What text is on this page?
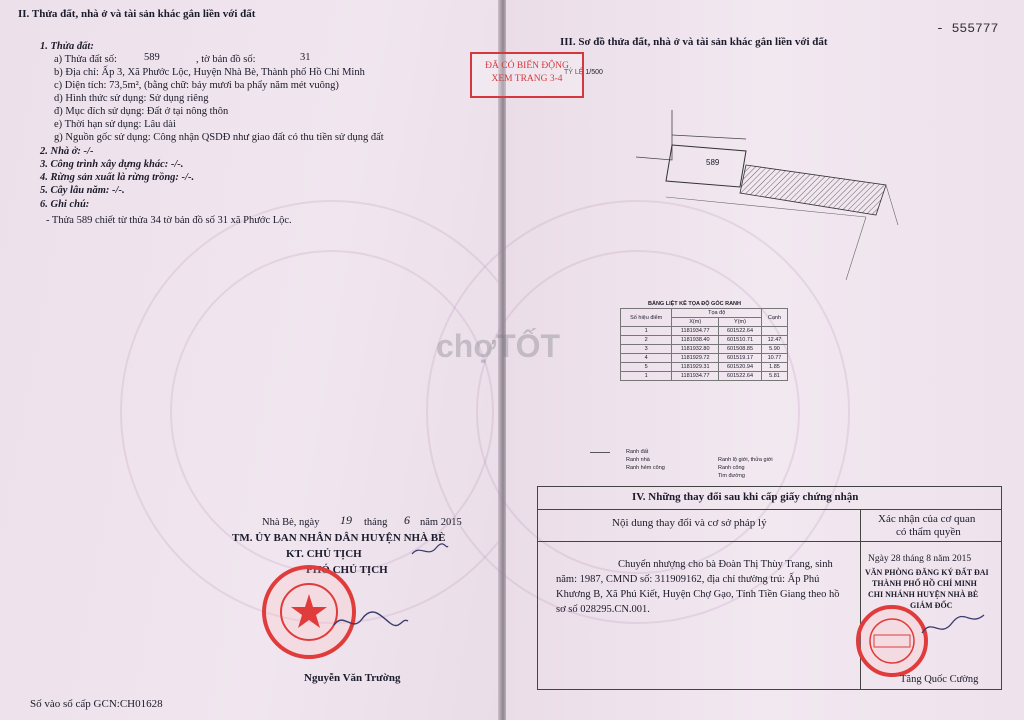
II. Thửa đất, nhà ở và tài sản khác gắn liền với đất
1. Thửa đất:
a) Thửa đất số:	589	, tờ bản đồ số:	31
b) Địa chỉ: Ấp 3, Xã Phước Lộc, Huyện Nhà Bè, Thành phố Hồ Chí Minh
c) Diện tích: 73,5m², (bằng chữ: bảy mươi ba phẩy năm mét vuông)
d) Hình thức sử dụng: Sử dụng riêng
đ) Mục đích sử dụng: Đất ở tại nông thôn
e) Thời hạn sử dụng: Lâu dài
g) Nguồn gốc sử dụng: Công nhận QSDĐ như giao đất có thu tiền sử dụng đất
2. Nhà ở: -/-
3. Công trình xây dựng khác: -/-.
4. Rừng sản xuất là rừng trồng: -/-.
5. Cây lâu năm: -/-.
6. Ghi chú:
- Thửa 589 chiết từ thửa 34 tờ bản đồ số 31 xã Phước Lộc.
Nhà Bè, ngày 19 tháng 6 năm 2015
TM. ỦY BAN NHÂN DÂN HUYỆN NHÀ BÈ
KT. CHỦ TỊCH
PHÓ CHỦ TỊCH
Nguyễn Văn Trường
Số vào sổ cấp GCN:CH01628
- 555777
III. Sơ đồ thửa đất, nhà ở và tài sản khác gắn liền với đất
TỶ LỆ 1/500
589
ĐÃ CÓ BIẾN ĐỘNG
XEM TRANG 3-4
BẢNG LIỆT KÊ TỌA ĐỘ GÓC RANH
Số hiệu điểm	Tọa độ		Cạnh
	X(m)	Y(m)	
1	1181934.77	601522.64	
2	1181938.40	601510.71	12.47
3	1181932.80	601508.85	5.90
4	1181929.72	601519.17	10.77
5	1181929.31	601520.94	1.85
1	1181934.77	601522.64	5.81
chợTỐT
Ranh đất
Ranh nhà
Ranh hẻm công
Ranh lộ giới, thửa giới
Ranh công
Tim đường
IV. Những thay đổi sau khi cấp giấy chứng nhận
Nội dung thay đổi và cơ sở pháp lý	Xác nhận của cơ quan
có thẩm quyền
Chuyển nhượng cho bà Đoàn Thị Thùy Trang, sinh
năm: 1987, CMND số: 311909162, địa chỉ thường trú: Ấp Phú
Khương B, Xã Phú Kiết, Huyện Chợ Gạo, Tỉnh Tiền Giang theo hồ
sơ số 028295.CN.001.
Ngày 28 tháng 8 năm 2015
VĂN PHÒNG ĐĂNG KÝ ĐẤT ĐAI
THÀNH PHỐ HỒ CHÍ MINH
CHI NHÁNH HUYỆN NHÀ BÈ
GIÁM ĐỐC
Tăng Quốc Cường
